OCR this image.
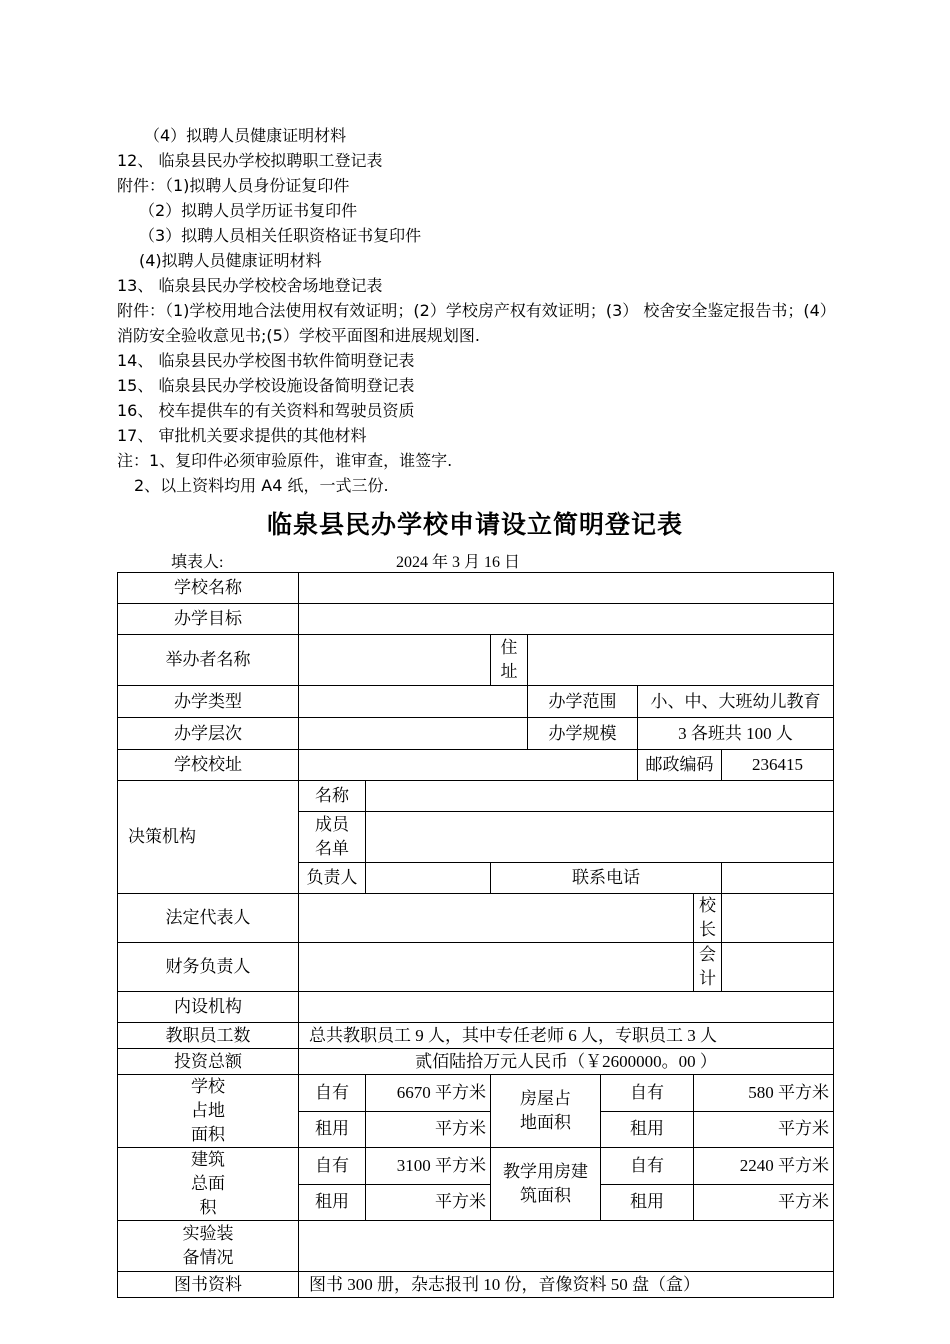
（4）拟聘人员健康证明材料
12、 临泉县民办学校拟聘职工登记表
附件：（1)拟聘人员身份证复印件
（2）拟聘人员学历证书复印件
（3）拟聘人员相关任职资格证书复印件
(4)拟聘人员健康证明材料
13、 临泉县民办学校校舍场地登记表
附件：（1)学校用地合法使用权有效证明；(2）学校房产权有效证明；(3） 校舍安全鉴定报告书；(4）消防安全验收意见书;(5）学校平面图和进展规划图.
14、 临泉县民办学校图书软件简明登记表
15、 临泉县民办学校设施设备简明登记表
16、 校车提供车的有关资料和驾驶员资质
17、 审批机关要求提供的其他材料
注：1、复印件必须审验原件，谁审查，谁签字.
2、以上资料均用 A4 纸，一式三份.
临泉县民办学校申请设立简明登记表
填表人:	2024 年 3 月 16 日
学校名称								
办学目标								
举办者名称			住址					
办学类型				办学范围		小、中、大班幼儿教育		
办学层次				办学规模		3 各班共 100 人		
学校校址						邮政编码		236415
决策机构	名称							
	成员名单							
	负责人		联系电话					
法定代表人							校长	
财务负责人							会计	
内设机构								
教职员工数	总共教职员工 9 人，其中专任老师 6 人，专职员工 3 人							
投资总额	贰佰陆拾万元人民币（￥2600000。00 ）							
学校占地面积	自有	6670 平方米	房屋占地面积		自有		580 平方米	
	租用	平方米			租用		平方米	
建筑总面积	自有	3100 平方米	教学用房建筑面积		自有		2240 平方米	
	租用	平方米			租用		平方米	
实验装备情况								
图书资料	图书 300 册，杂志报刊 10 份，音像资料 50 盘（盒）							
